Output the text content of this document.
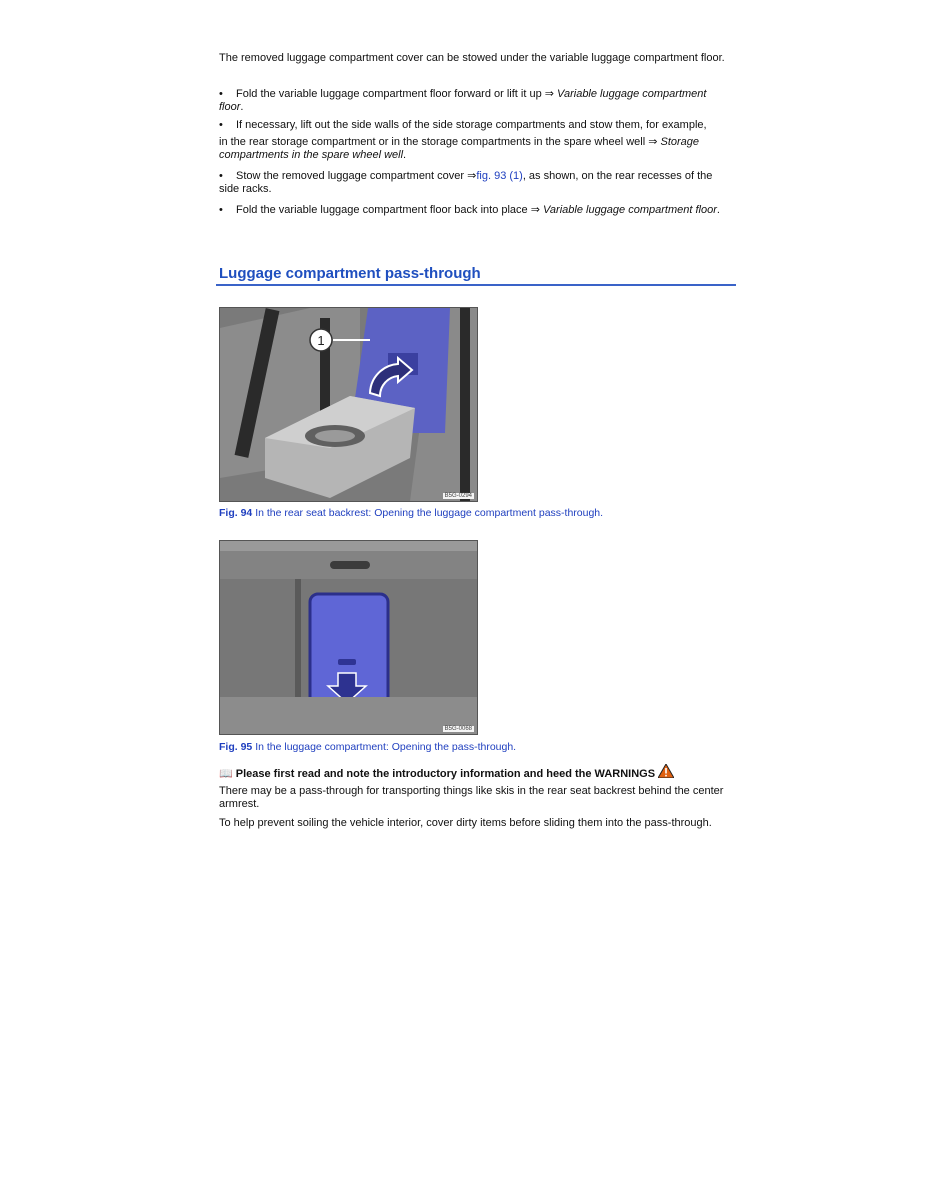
The removed luggage compartment cover can be stowed under the variable luggage compartment floor.

• Fold the variable luggage compartment floor forward or lift it up ⇒ Variable luggage compartment floor.

• If necessary, lift out the side walls of the side storage compartments and stow them, for example,

in the rear storage compartment or in the storage compartments in the spare wheel well ⇒ Storage compartments in the spare wheel well.

• Stow the removed luggage compartment cover ⇒fig. 93 (1), as shown, on the rear recesses of the side racks.

• Fold the variable luggage compartment floor back into place ⇒ Variable luggage compartment floor.

Luggage compartment pass-through
1
B5G-0294

Fig. 94 In the rear seat backrest: Opening the luggage compartment pass-through.

B5G-0068

Fig. 95 In the luggage compartment: Opening the pass-through.

📖 Please first read and note the introductory information and heed the WARNINGS

There may be a pass-through for transporting things like skis in the rear seat backrest behind the center armrest.

To help prevent soiling the vehicle interior, cover dirty items before sliding them into the pass-through.
